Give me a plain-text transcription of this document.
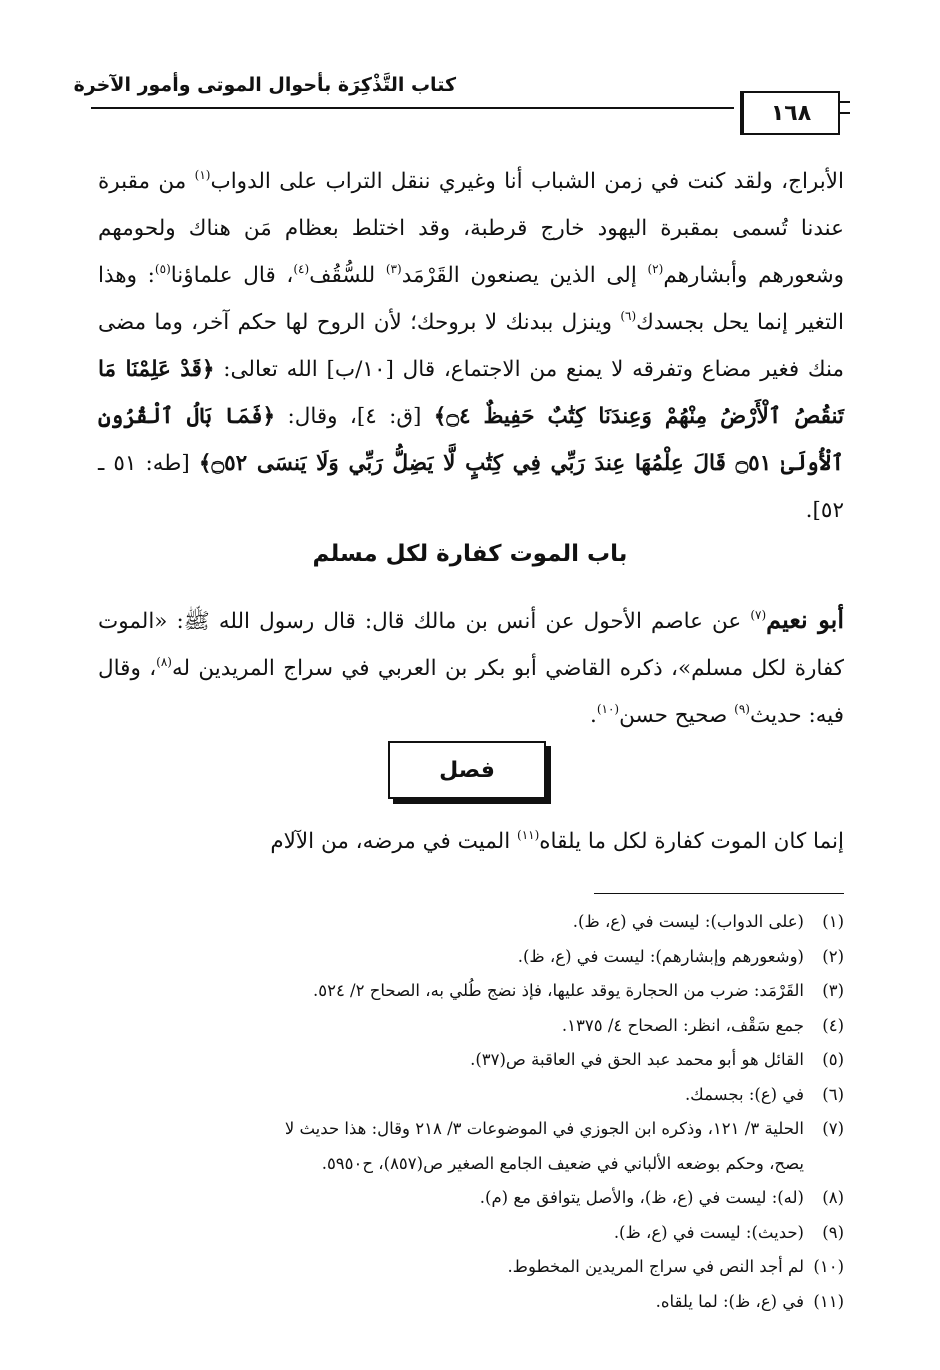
كتاب التَّذْكِرَة بأحوال الموتى وأمور الآخرة
١٦٨

الأبراج، ولقد كنت في زمن الشباب أنا وغيري ننقل التراب على الدواب$^{(١)}$ من مقبرة عندنا تُسمى بمقبرة اليهود خارج قرطبة، وقد اختلط بعظام مَن هناك ولحومهم وشعورهم وأبشارهم$^{(٢)}$ إلى الذين يصنعون القَرْمَد$^{(٣)}$ للسُّقُف$^{(٤)}$، قال علماؤنا$^{(٥)}$: وهذا التغير إنما يحل بجسدك$^{(٦)}$ وينزل ببدنك لا بروحك؛ لأن الروح لها حكم آخر، وما مضى منك فغير مضاع وتفرقه لا يمنع من الاجتماع، قال [١٠/ب] الله تعالى: ﴿قَدْ عَلِمْنَا مَا تَنقُصُ ٱلْأَرْضُ مِنْهُمْ وَعِندَنَا كِتَٰبٌ حَفِيظٌ ۝٤﴾ [ق: ٤]، وقال: ﴿فَمَا بَالُ ٱلْقُرُونِ ٱلْأُولَىٰ ۝٥١ قَالَ عِلْمُهَا عِندَ رَبِّي فِي كِتَٰبٍ لَّا يَضِلُّ رَبِّي وَلَا يَنسَى ۝٥٢﴾ [طه: ٥١ ـ ٥٢].

باب الموت كفارة لكل مسلم

أبو نعيم$^{(٧)}$ عن عاصم الأحول عن أنس بن مالك قال: قال رسول الله ﷺ: «الموت كفارة لكل مسلم»، ذكره القاضي أبو بكر بن العربي في سراج المريدين له$^{(٨)}$، وقال فيه: حديث$^{(٩)}$ صحيح حسن$^{(١٠)}$.

فصل

إنما كان الموت كفارة لكل ما يلقاه$^{(١١)}$ الميت في مرضه، من الآلام

(١)(على الدواب): ليست في (ع، ظ).
(٢)(وشعورهم وإبشارهم): ليست في (ع، ظ).
(٣)القَرْمَد: ضرب من الحجارة يوقد عليها، فإذ نضج طُلي به، الصحاح ٢/ ٥٢٤.
(٤)جمع سَقْف، انظر: الصحاح ٤/ ١٣٧٥.
(٥)القائل هو أبو محمد عبد الحق في العاقبة ص(٣٧).
(٦)في (ع): بجسمك.
(٧)الحلية ٣/ ١٢١، وذكره ابن الجوزي في الموضوعات ٣/ ٢١٨ وقال: هذا حديث لا
يصح، وحكم بوضعه الألباني في ضعيف الجامع الصغير ص(٨٥٧)، ح٥٩٥٠.
(٨)(له): ليست في (ع، ظ)، والأصل يتوافق مع (م).
(٩)(حديث): ليست في (ع، ظ).
(١٠)لم أجد النص في سراج المريدين المخطوط.
(١١)في (ع، ظ): لما يلقاه.
